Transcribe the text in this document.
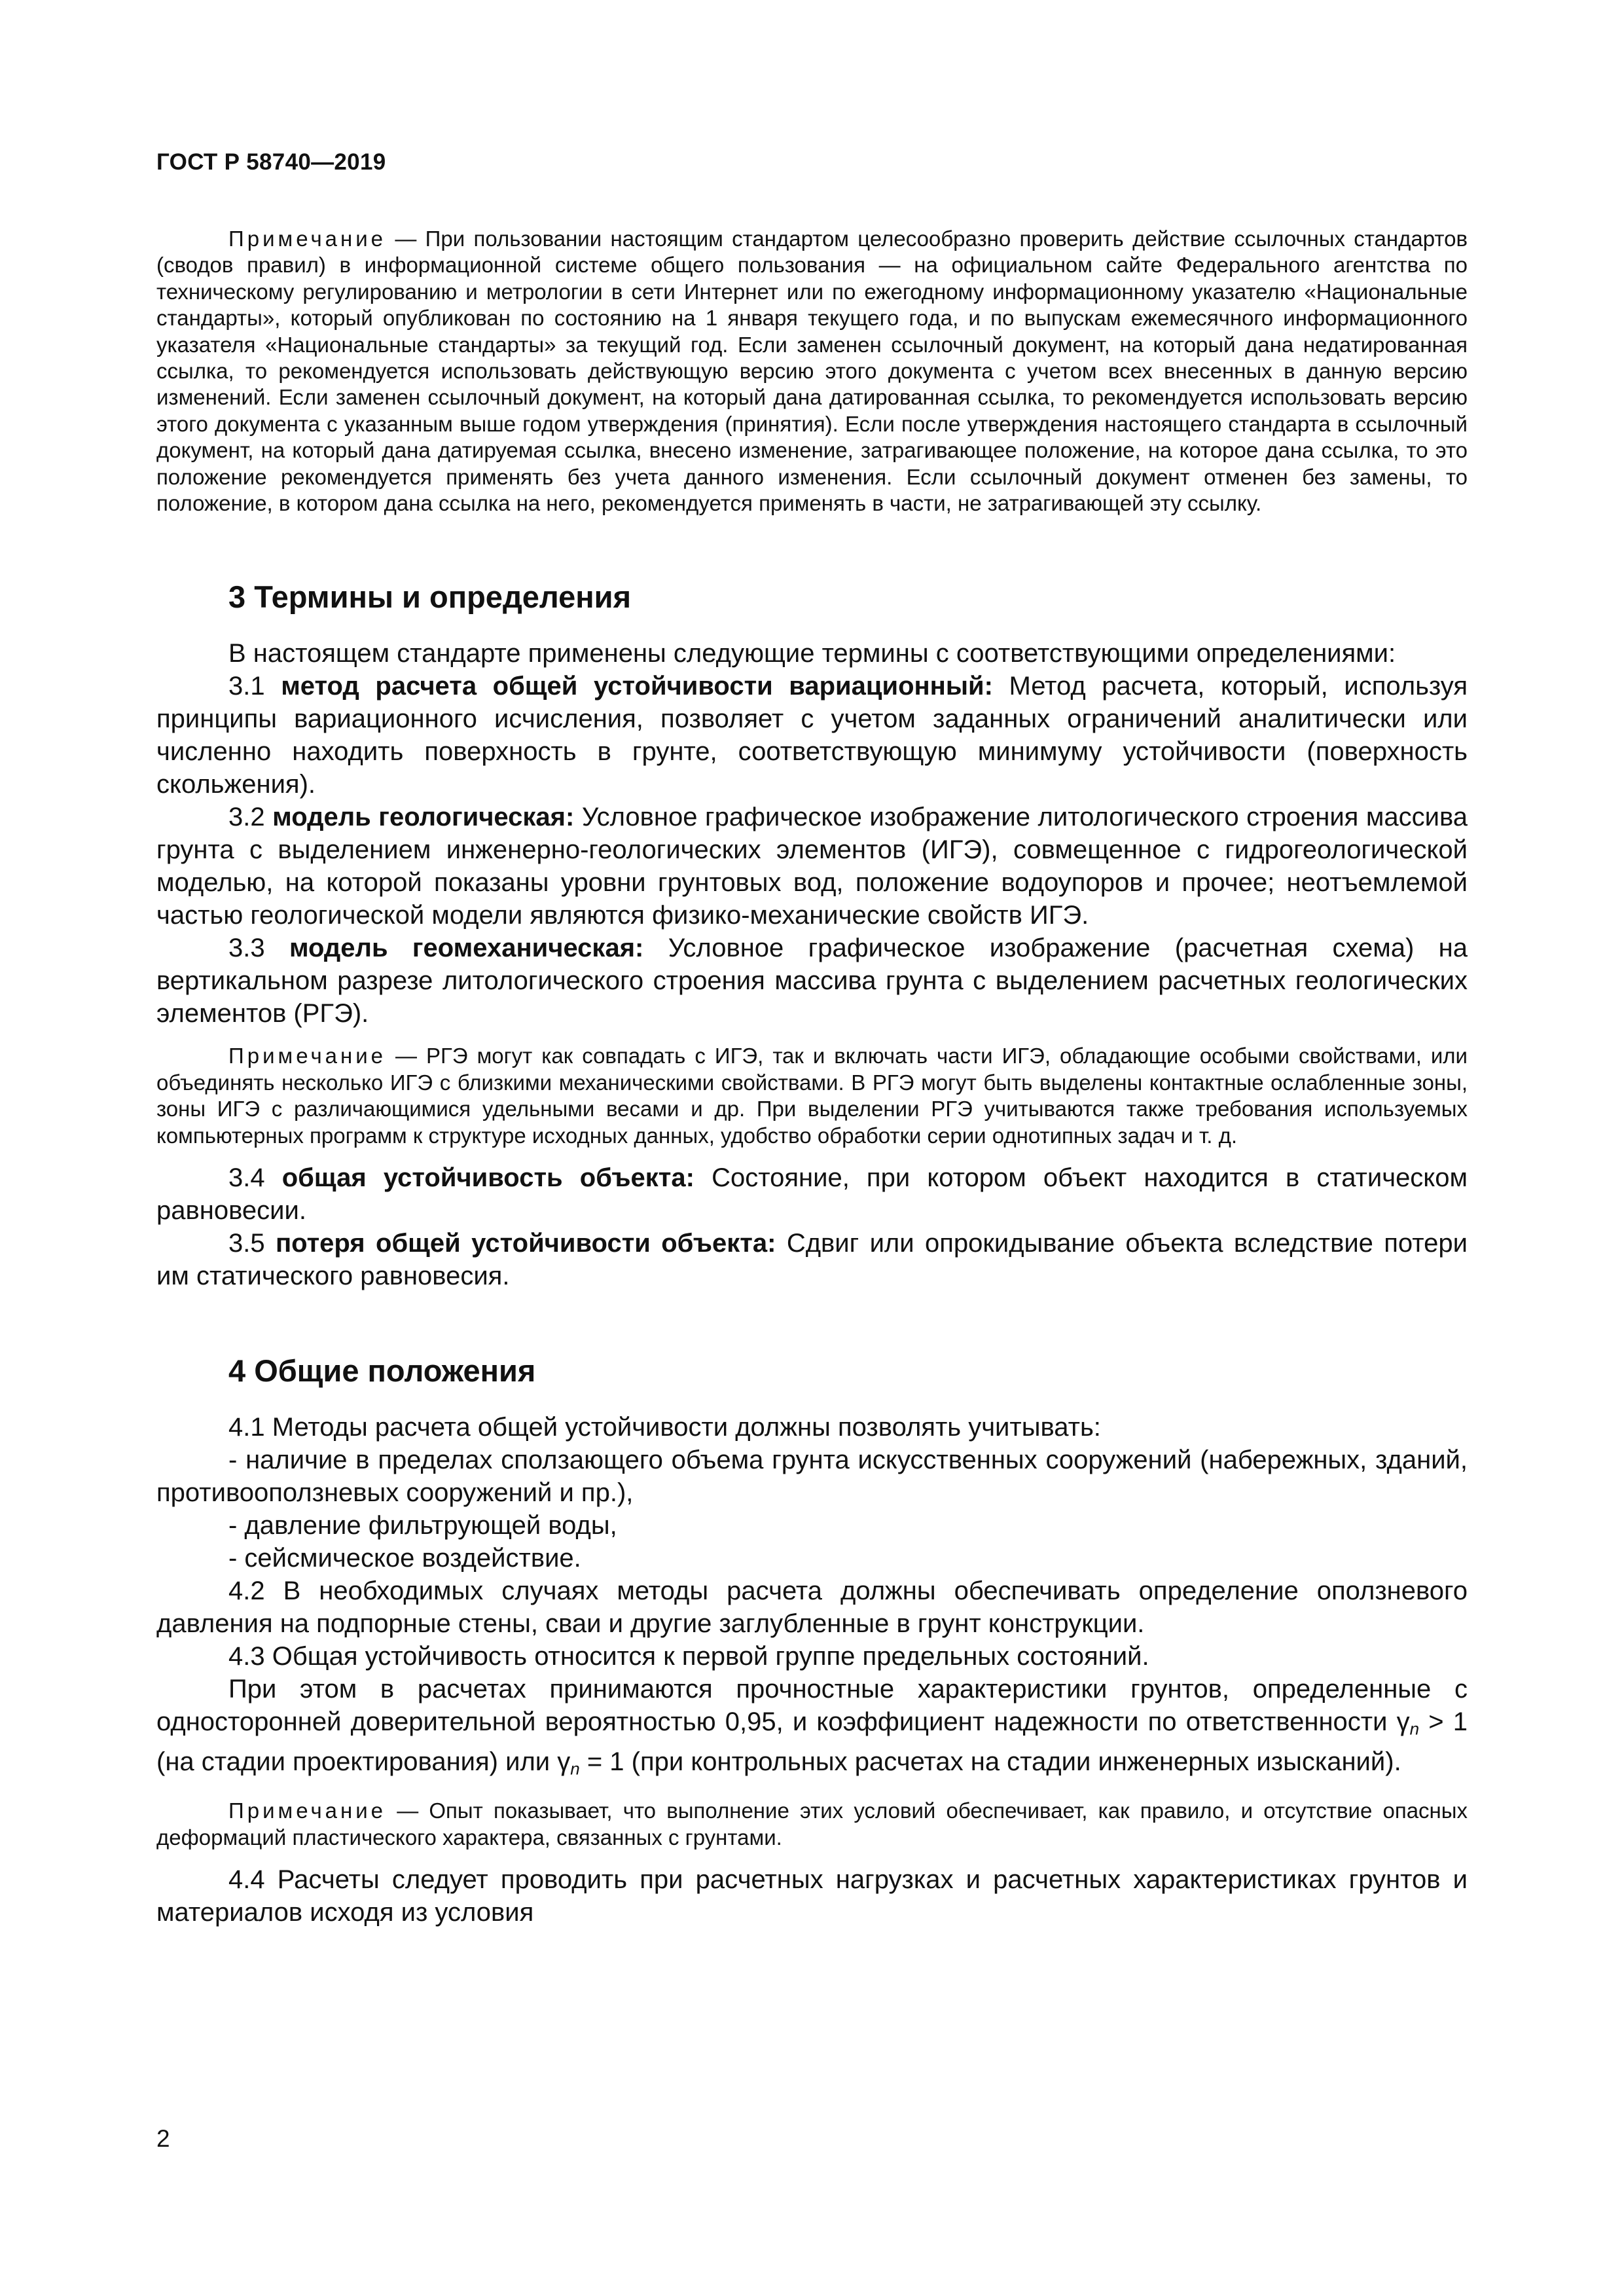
ГОСТ Р 58740—2019

Примечание — При пользовании настоящим стандартом целесообразно проверить действие ссылочных стандартов (сводов правил) в информационной системе общего пользования — на официальном сайте Федерального агентства по техническому регулированию и метрологии в сети Интернет или по ежегодному информационному указателю «Национальные стандарты», который опубликован по состоянию на 1 января текущего года, и по выпускам ежемесячного информационного указателя «Национальные стандарты» за текущий год. Если заменен ссылочный документ, на который дана недатированная ссылка, то рекомендуется использовать действующую версию этого документа с учетом всех внесенных в данную версию изменений. Если заменен ссылочный документ, на который дана датированная ссылка, то рекомендуется использовать версию этого документа с указанным выше годом утверждения (принятия). Если после утверждения настоящего стандарта в ссылочный документ, на который дана датируемая ссылка, внесено изменение, затрагивающее положение, на которое дана ссылка, то это положение рекомендуется применять без учета данного изменения. Если ссылочный документ отменен без замены, то положение, в котором дана ссылка на него, рекомендуется применять в части, не затрагивающей эту ссылку.

3 Термины и определения

В настоящем стандарте применены следующие термины с соответствующими определениями:

3.1 метод расчета общей устойчивости вариационный: Метод расчета, который, используя принципы вариационного исчисления, позволяет с учетом заданных ограничений аналитически или численно находить поверхность в грунте, соответствующую минимуму устойчивости (поверхность скольжения).

3.2 модель геологическая: Условное графическое изображение литологического строения массива грунта с выделением инженерно-геологических элементов (ИГЭ), совмещенное с гидрогеологической моделью, на которой показаны уровни грунтовых вод, положение водоупоров и прочее; неотъемлемой частью геологической модели являются физико-механические свойств ИГЭ.

3.3 модель геомеханическая: Условное графическое изображение (расчетная схема) на вертикальном разрезе литологического строения массива грунта с выделением расчетных геологических элементов (РГЭ).

Примечание — РГЭ могут как совпадать с ИГЭ, так и включать части ИГЭ, обладающие особыми свойствами, или объединять несколько ИГЭ с близкими механическими свойствами. В РГЭ могут быть выделены контактные ослабленные зоны, зоны ИГЭ с различающимися удельными весами и др. При выделении РГЭ учитываются также требования используемых компьютерных программ к структуре исходных данных, удобство обработки серии однотипных задач и т. д.

3.4 общая устойчивость объекта: Состояние, при котором объект находится в статическом равновесии.

3.5 потеря общей устойчивости объекта: Сдвиг или опрокидывание объекта вследствие потери им статического равновесия.

4 Общие положения

4.1 Методы расчета общей устойчивости должны позволять учитывать:

- наличие в пределах сползающего объема грунта искусственных сооружений (набережных, зданий, противооползневых сооружений и пр.),

- давление фильтрующей воды,

- сейсмическое воздействие.

4.2 В необходимых случаях методы расчета должны обеспечивать определение оползневого давления на подпорные стены, сваи и другие заглубленные в грунт конструкции.

4.3 Общая устойчивость относится к первой группе предельных состояний.

При этом в расчетах принимаются прочностные характеристики грунтов, определенные с односторонней доверительной вероятностью 0,95, и коэффициент надежности по ответственности $\gamma_n > 1$ (на стадии проектирования) или $\gamma_n = 1$ (при контрольных расчетах на стадии инженерных изысканий).

Примечание — Опыт показывает, что выполнение этих условий обеспечивает, как правило, и отсутствие опасных деформаций пластического характера, связанных с грунтами.

4.4 Расчеты следует проводить при расчетных нагрузках и расчетных характеристиках грунтов и материалов исходя из условия

2
